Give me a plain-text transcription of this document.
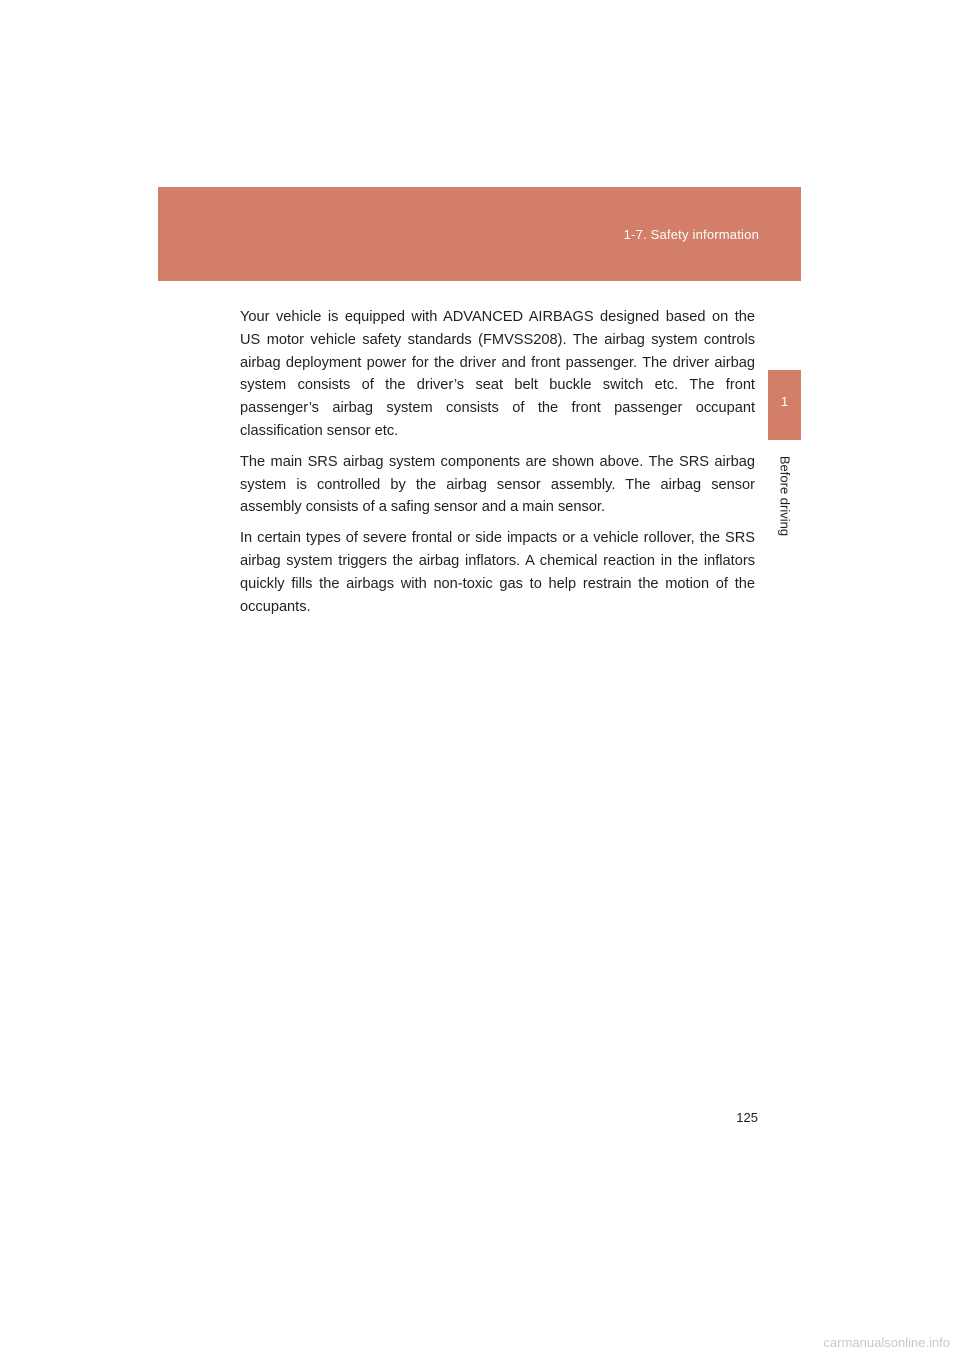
1-7. Safety information
1
Before driving

Your vehicle is equipped with ADVANCED AIRBAGS designed based on the US motor vehicle safety standards (FMVSS208). The airbag system controls airbag deployment power for the driver and front passenger. The driver airbag system consists of the driver’s seat belt buckle switch etc. The front passenger’s airbag system consists of the front passenger occupant classification sensor etc.

The main SRS airbag system components are shown above. The SRS airbag system is controlled by the airbag sensor assembly. The airbag sensor assembly consists of a safing sensor and a main sensor.

In certain types of severe frontal or side impacts or a vehicle rollover, the SRS airbag system triggers the airbag inflators. A chemical reaction in the inflators quickly fills the airbags with non-toxic gas to help restrain the motion of the occupants.

125
carmanualsonline.info
